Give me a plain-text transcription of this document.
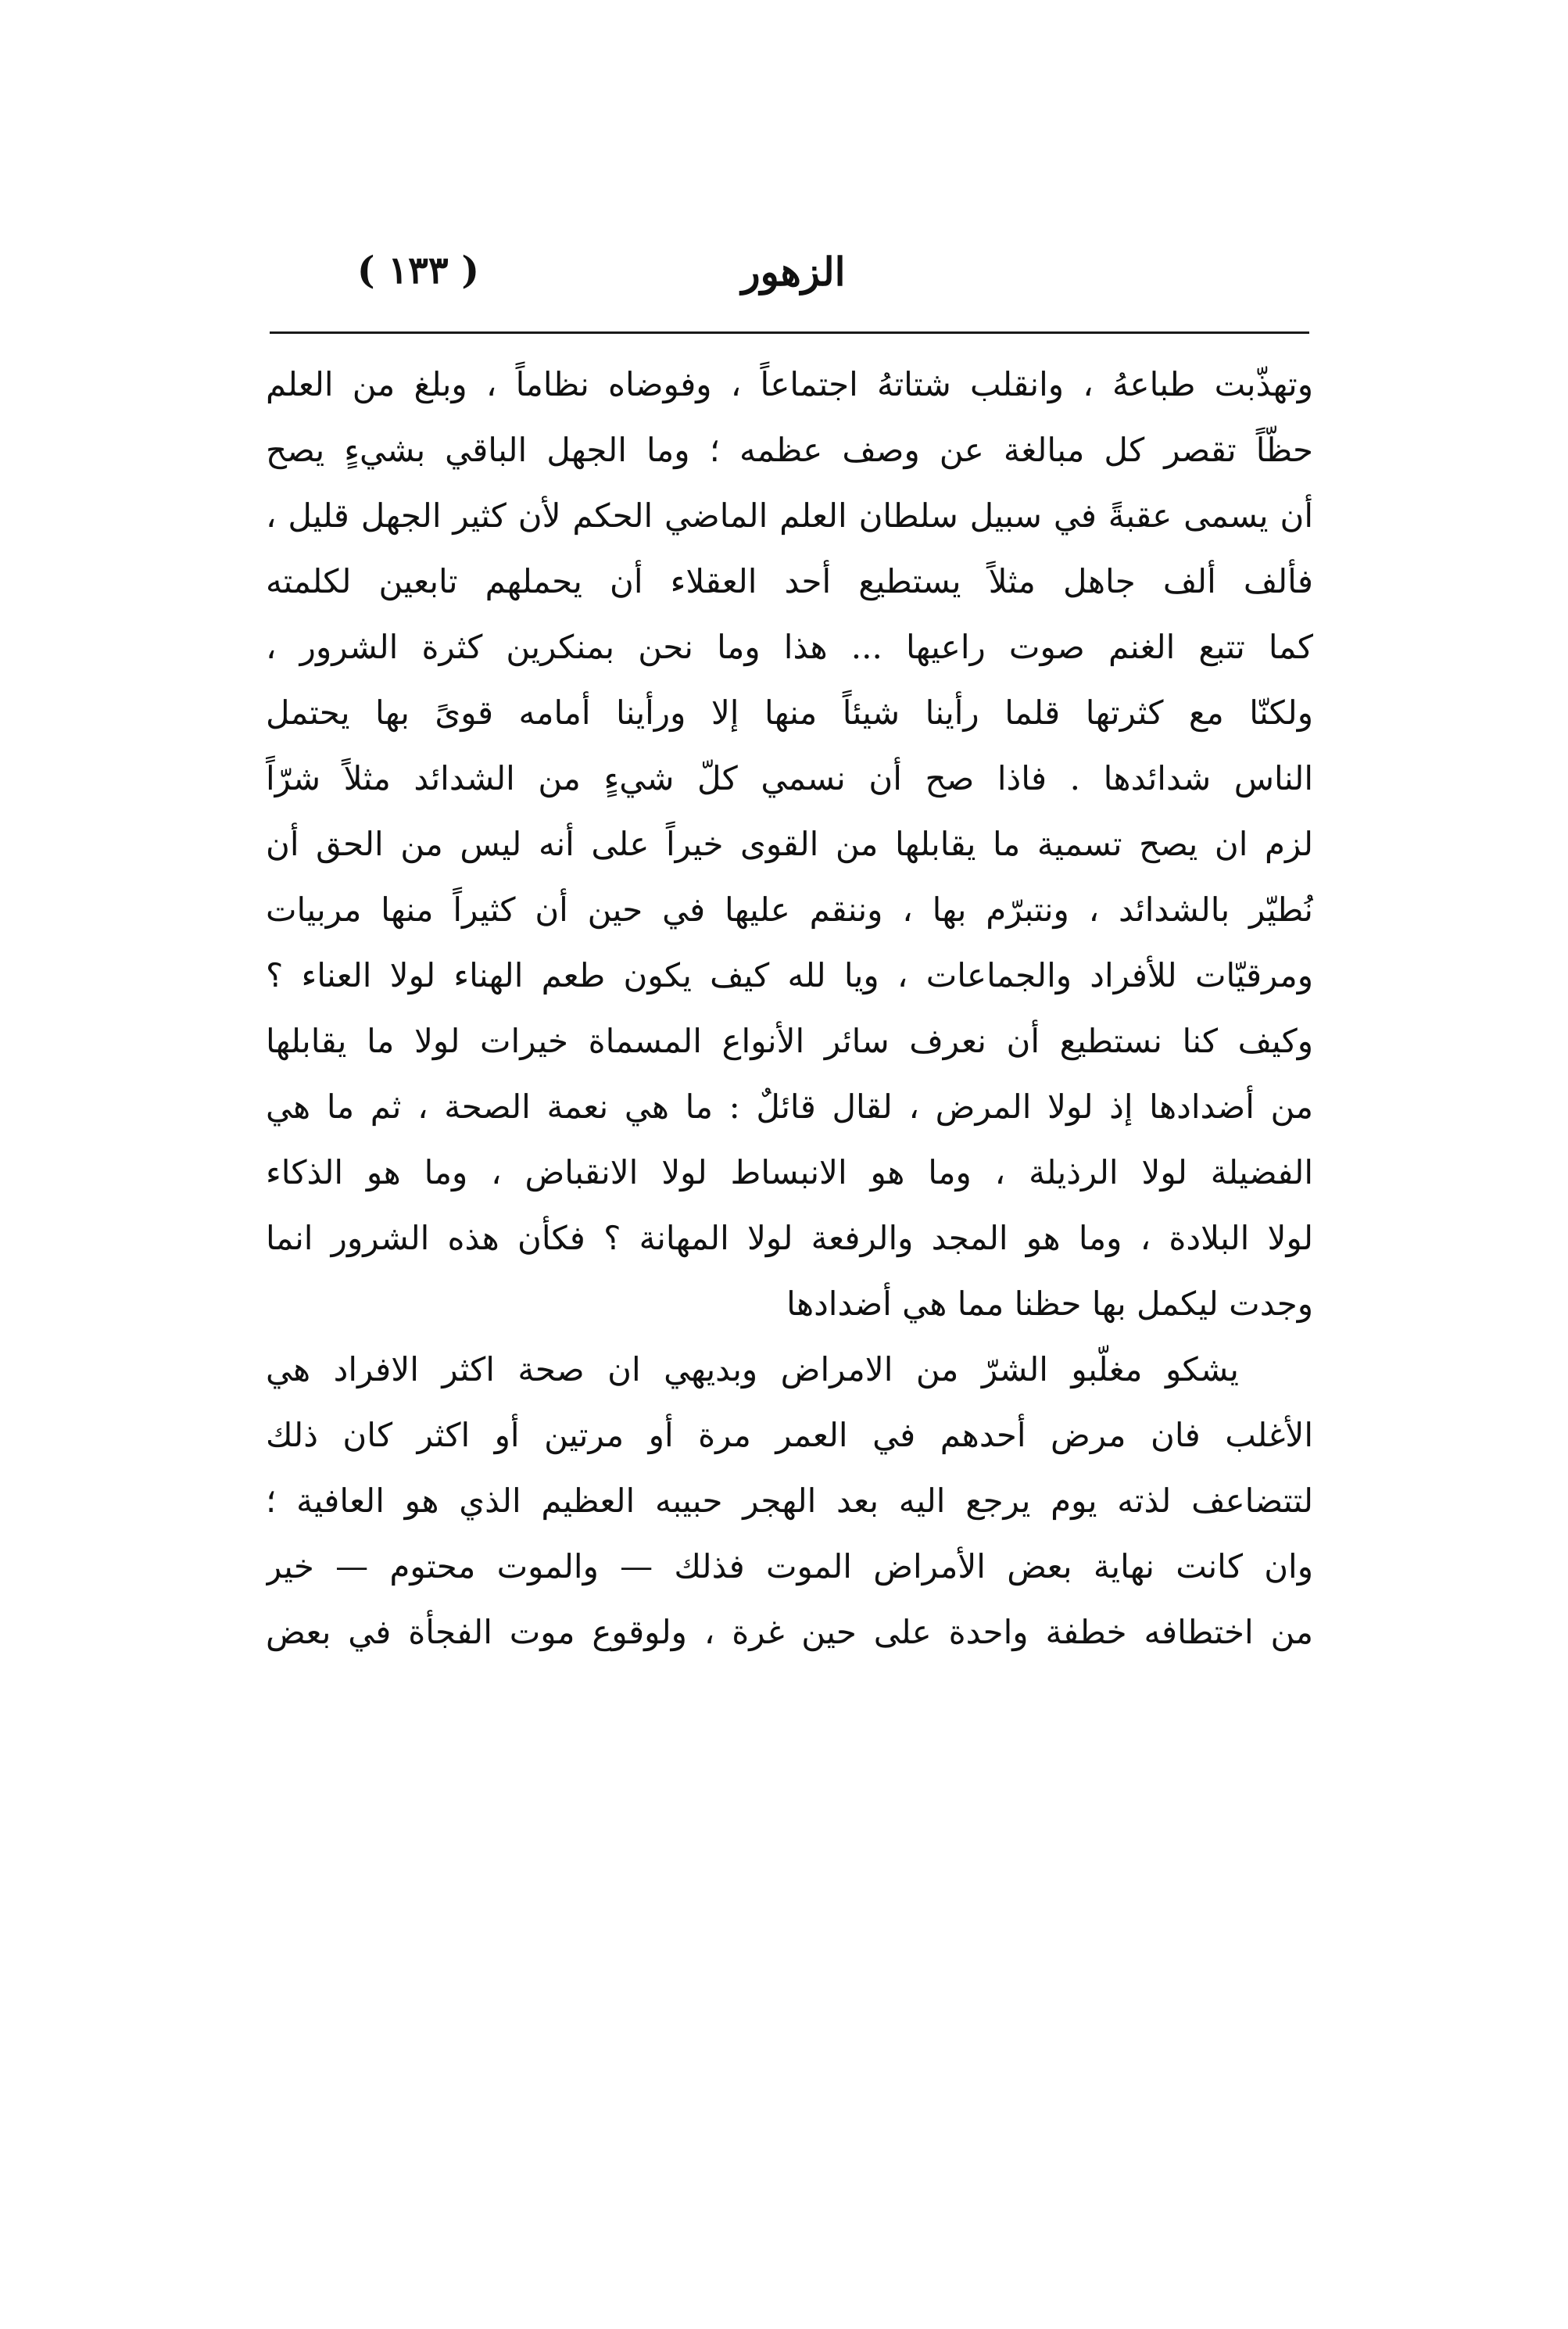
الزهور
( ١٣٣ )
وتهذّبت طباعهُ ، وانقلب شتاتهُ اجتماعاً ، وفوضاه نظاماً ، وبلغ من العلم
حظّاً تقصر كل مبالغة عن وصف عظمه ؛ وما الجهل الباقي بشيءٍ يصح
أن يسمى عقبةً في سبيل سلطان العلم الماضي الحكم لأن كثير الجهل قليل ،
فألف ألف جاهل مثلاً يستطيع أحد العقلاء أن يحملهم تابعين لكلمته
كما تتبع الغنم صوت راعيها ... هذا وما نحن بمنكرين كثرة الشرور ،
ولكنّا مع كثرتها قلما رأينا شيئاً منها إلا ورأينا أمامه قوىً بها يحتمل
الناس شدائدها . فاذا صح أن نسمي كلّ شيءٍ من الشدائد مثلاً شرّاً
لزم ان يصح تسمية ما يقابلها من القوى خيراً على أنه ليس من الحق أن
نُطيّر بالشدائد ، ونتبرّم بها ، وننقم عليها في حين أن كثيراً منها مربيات
ومرقيّات للأفراد والجماعات ، ويا لله كيف يكون طعم الهناء لولا العناء ؟
وكيف كنا نستطيع أن نعرف سائر الأنواع المسماة خيرات لولا ما يقابلها
من أضدادها إذ لولا المرض ، لقال قائلٌ : ما هي نعمة الصحة ، ثم ما هي
الفضيلة لولا الرذيلة ، وما هو الانبساط لولا الانقباض ، وما هو الذكاء
لولا البلادة ، وما هو المجد والرفعة لولا المهانة ؟ فكأن هذه الشرور انما
وجدت ليكمل بها حظنا مما هي أضدادها
يشكو مغلّبو الشرّ من الامراض وبديهي ان صحة اكثر الافراد هي
الأغلب فان مرض أحدهم في العمر مرة أو مرتين أو اكثر كان ذلك
لتتضاعف لذته يوم يرجع اليه بعد الهجر حبيبه العظيم الذي هو العافية ؛
وان كانت نهاية بعض الأمراض الموت فذلك — والموت محتوم — خير
من اختطافه خطفة واحدة على حين غرة ، ولوقوع موت الفجأة في بعض
